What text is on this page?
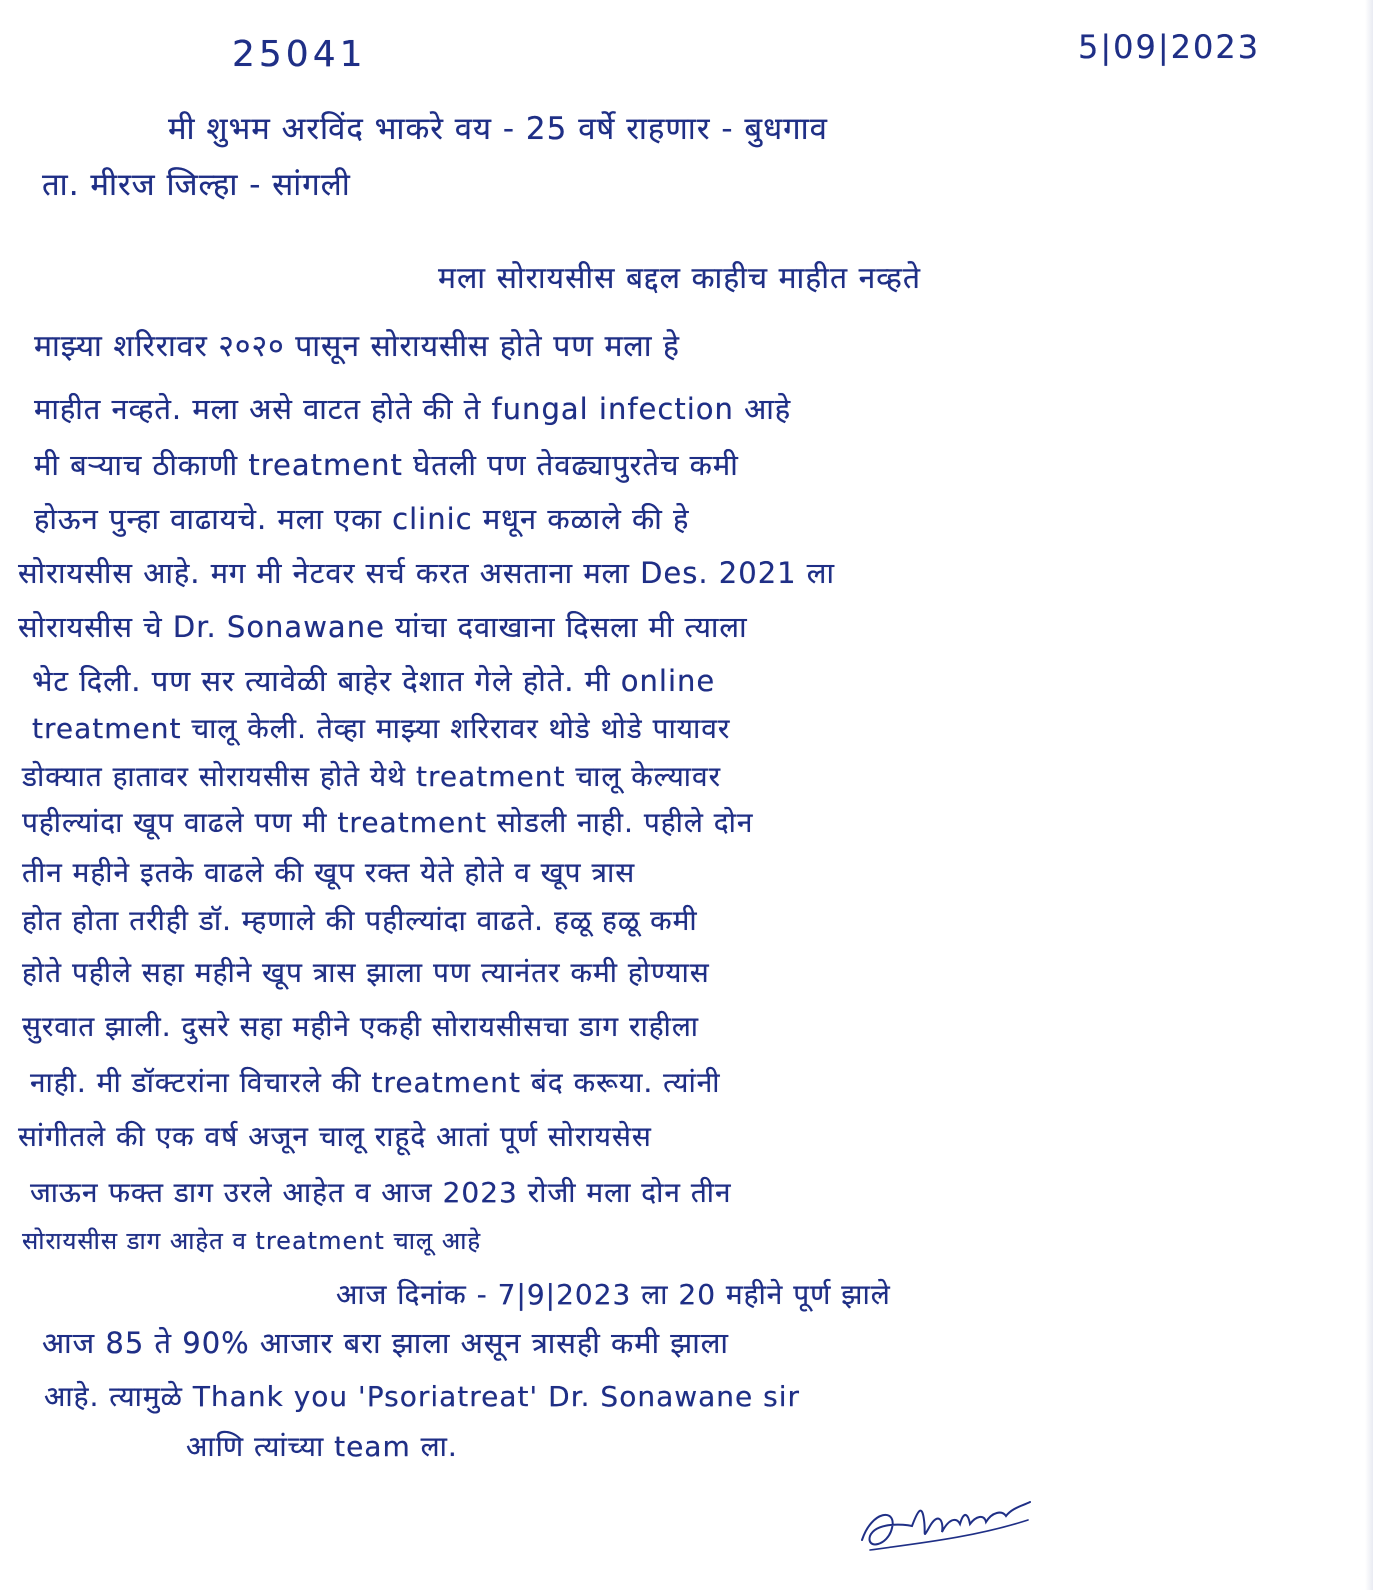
25041	5|09|2023
मी शुभम अरविंद भाकरे वय - 25 वर्षे राहणार - बुधगाव
ता. मीरज जिल्हा - सांगली
मला सोरायसीस बद्दल काहीच माहीत नव्हते
माझ्या शरिरावर २०२० पासून सोरायसीस होते पण मला हे
माहीत नव्हते. मला असे वाटत होते की ते fungal infection आहे
मी बऱ्याच ठीकाणी treatment घेतली पण तेवढ्यापुरतेच कमी
होऊन पुन्हा वाढायचे. मला एका clinic मधून कळाले की हे
सोरायसीस आहे. मग मी नेटवर सर्च करत असताना मला Des. 2021 ला
सोरायसीस चे Dr. Sonawane यांचा दवाखाना दिसला मी त्याला
भेट दिली. पण सर त्यावेळी बाहेर देशात गेले होते. मी online
treatment चालू केली. तेव्हा माझ्या शरिरावर थोडे थोडे पायावर
डोक्यात हातावर सोरायसीस होते येथे treatment चालू केल्यावर
पहील्यांदा खूप वाढले पण मी treatment सोडली नाही. पहीले दोन
तीन महीने इतके वाढले की खूप रक्त येते होते व खूप त्रास
होत होता तरीही डॉ. म्हणाले की पहील्यांदा वाढते. हळू हळू कमी
होते पहीले सहा महीने खूप त्रास झाला पण त्यानंतर कमी होण्यास
सुरवात झाली. दुसरे सहा महीने एकही सोरायसीसचा डाग राहीला
नाही. मी डॉक्टरांना विचारले की treatment बंद करूया. त्यांनी
सांगीतले की एक वर्ष अजून चालू राहूदे आतां पूर्ण सोरायसेस
जाऊन फक्त डाग उरले आहेत व आज 2023 रोजी मला दोन तीन
सोरायसीस डाग आहेत व treatment चालू आहे
आज दिनांक - 7|9|2023 ला 20 महीने पूर्ण झाले
आज 85 ते 90% आजार बरा झाला असून त्रासही कमी झाला
आहे. त्यामुळे Thank you 'Psoriatreat' Dr. Sonawane sir
आणि त्यांच्या team ला.
